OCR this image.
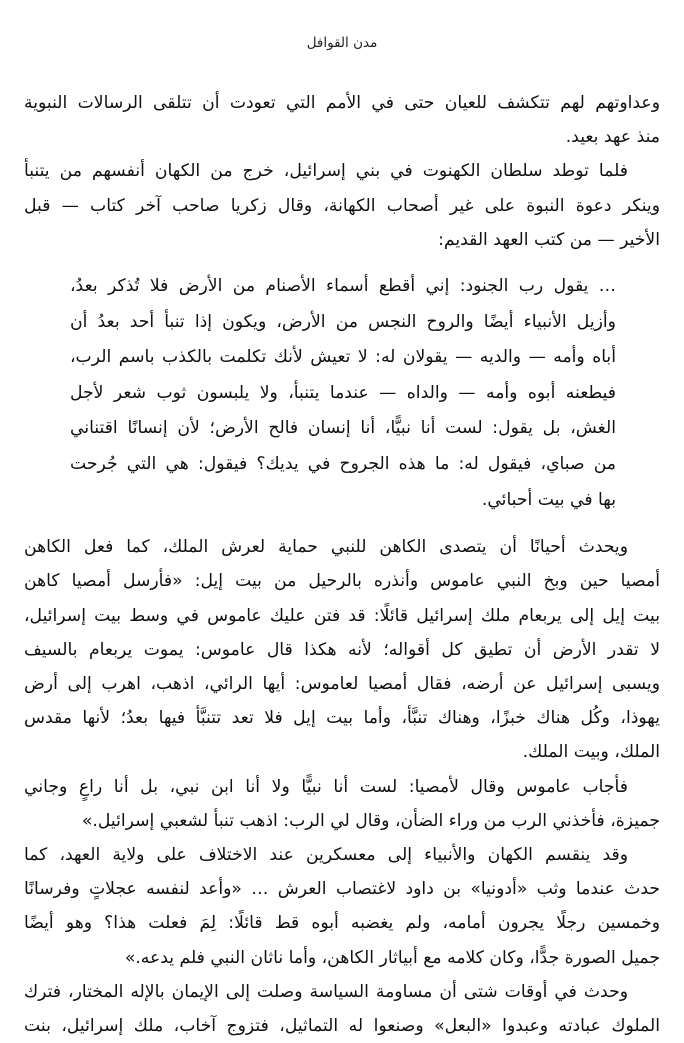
مدن القوافل

وعداوتهم لهم تتكشف للعيان حتى في الأمم التي تعودت أن تتلقى الرسالات النبوية
منذ عهد بعيد.

فلما توطد سلطان الكهنوت في بني إسرائيل، خرج من الكهان أنفسهم من يتنبأ
وينكر دعوة النبوة على غير أصحاب الكهانة، وقال زكريا صاحب آخر كتاب — قبل
الأخير — من كتب العهد القديم:

… يقول رب الجنود: إني أقطع أسماء الأصنام من الأرض فلا تُذكر بعدُ،
وأزيل الأنبياء أيضًا والروح النجس من الأرض، ويكون إذا تنبأ أحد بعدُ أن
أباه وأمه — والديه — يقولان له: لا تعيش لأنك تكلمت بالكذب باسم الرب،
فيطعنه أبوه وأمه — والداه — عندما يتنبأ، ولا يلبسون ثوب شعر لأجل
الغش، بل يقول: لست أنا نبيًّا، أنا إنسان فالح الأرض؛ لأن إنسانًا اقتناني
من صباي، فيقول له: ما هذه الجروح في يديك؟ فيقول: هي التي جُرحت
بها في بيت أحبائي.

ويحدث أحيانًا أن يتصدى الكاهن للنبي حماية لعرش الملك، كما فعل الكاهن
أمصيا حين وبخ النبي عاموس وأنذره بالرحيل من بيت إيل: «فأرسل أمصيا كاهن
بيت إيل إلى يربعام ملك إسرائيل قائلًا: قد فتن عليك عاموس في وسط بيت إسرائيل،
لا تقدر الأرض أن تطيق كل أقواله؛ لأنه هكذا قال عاموس: يموت يربعام بالسيف
ويسبى إسرائيل عن أرضه، فقال أمصيا لعاموس: أيها الرائي، اذهب، اهرب إلى أرض
يهوذا، وكُل هناك خبزًا، وهناك تنبَّأ، وأما بيت إيل فلا تعد تتنبَّأ فيها بعدُ؛ لأنها مقدس
الملك، وبيت الملك.

فأجاب عاموس وقال لأمصيا: لست أنا نبيًّا ولا أنا ابن نبي، بل أنا راعٍ وجاني
جميزة، فأخذني الرب من وراء الضأن، وقال لي الرب: اذهب تنبأ لشعبي إسرائيل.»

وقد ينقسم الكهان والأنبياء إلى معسكرين عند الاختلاف على ولاية العهد، كما
حدث عندما وثب «أدونيا» بن داود لاغتصاب العرش … «وأعد لنفسه عجلاتٍ وفرسانًا
وخمسين رجلًا يجرون أمامه، ولم يغضبه أبوه قط قائلًا: لِمَ فعلت هذا؟ وهو أيضًا
جميل الصورة جدًّا، وكان كلامه مع أبياثار الكاهن، وأما ناثان النبي فلم يدعه.»

وحدث في أوقات شتى أن مساومة السياسة وصلت إلى الإيمان بالإله المختار، فترك
الملوك عبادته وعبدوا «البعل» وصنعوا له التماثيل، فتزوج آخاب، ملك إسرائيل، بنت
